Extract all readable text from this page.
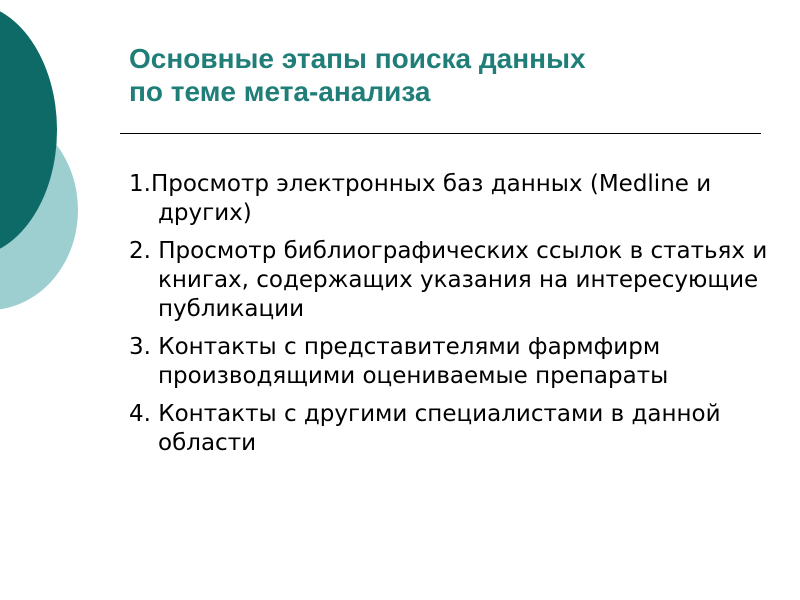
Основные этапы поиска данных
по теме мета-анализа
1.Просмотр электронных баз данных (Medline и других)
2. Просмотр библиографических ссылок в статьях и книгах, содержащих указания на интересующие публикации
3. Контакты с представителями фармфирм производящими оцениваемые препараты
4. Контакты с другими специалистами в данной области
